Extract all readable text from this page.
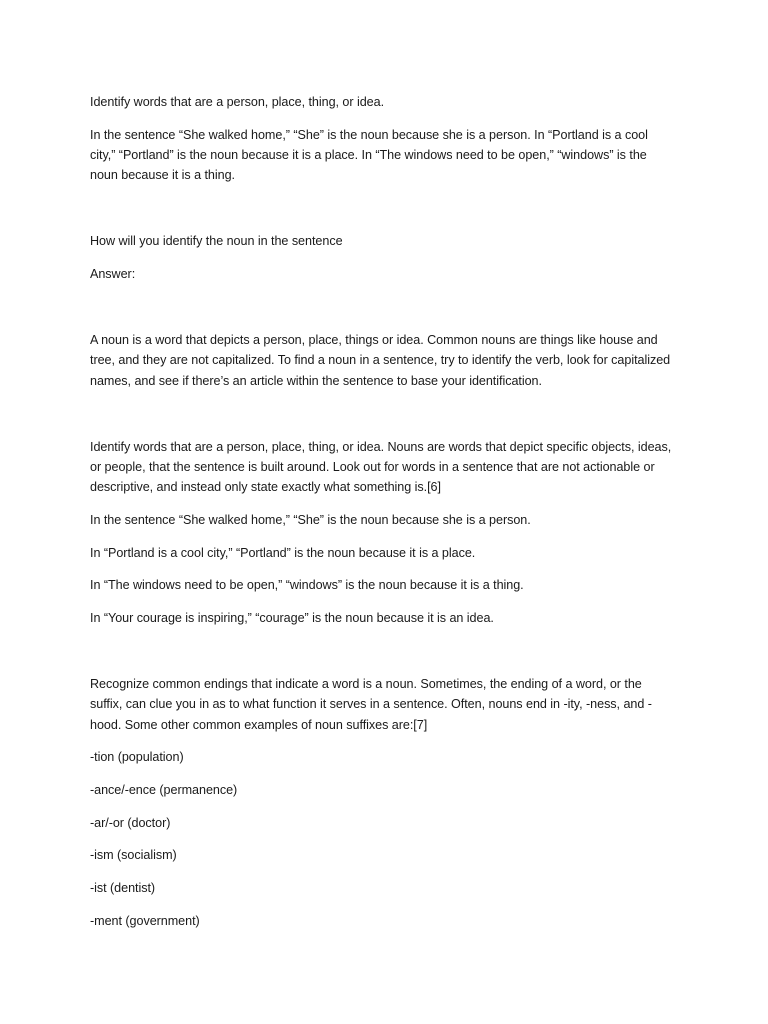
Identify words that are a person, place, thing, or idea.

In the sentence “She walked home,” “She” is the noun because she is a person. In “Portland is a cool city,” “Portland” is the noun because it is a place. In “The windows need to be open,” “windows” is the noun because it is a thing.

How will you identify the noun in the sentence

Answer:

A noun is a word that depicts a person, place, things or idea. Common nouns are things like house and tree, and they are not capitalized. To find a noun in a sentence, try to identify the verb, look for capitalized names, and see if there’s an article within the sentence to base your identification.

Identify words that are a person, place, thing, or idea. Nouns are words that depict specific objects, ideas, or people, that the sentence is built around. Look out for words in a sentence that are not actionable or descriptive, and instead only state exactly what something is.[6]

In the sentence “She walked home,” “She” is the noun because she is a person.

In “Portland is a cool city,” “Portland” is the noun because it is a place.

In “The windows need to be open,” “windows” is the noun because it is a thing.

In “Your courage is inspiring,” “courage” is the noun because it is an idea.

Recognize common endings that indicate a word is a noun. Sometimes, the ending of a word, or the suffix, can clue you in as to what function it serves in a sentence. Often, nouns end in -ity, -ness, and -hood. Some other common examples of noun suffixes are:[7]

-tion (population)

-ance/-ence (permanence)

-ar/-or (doctor)

-ism (socialism)

-ist (dentist)

-ment (government)
